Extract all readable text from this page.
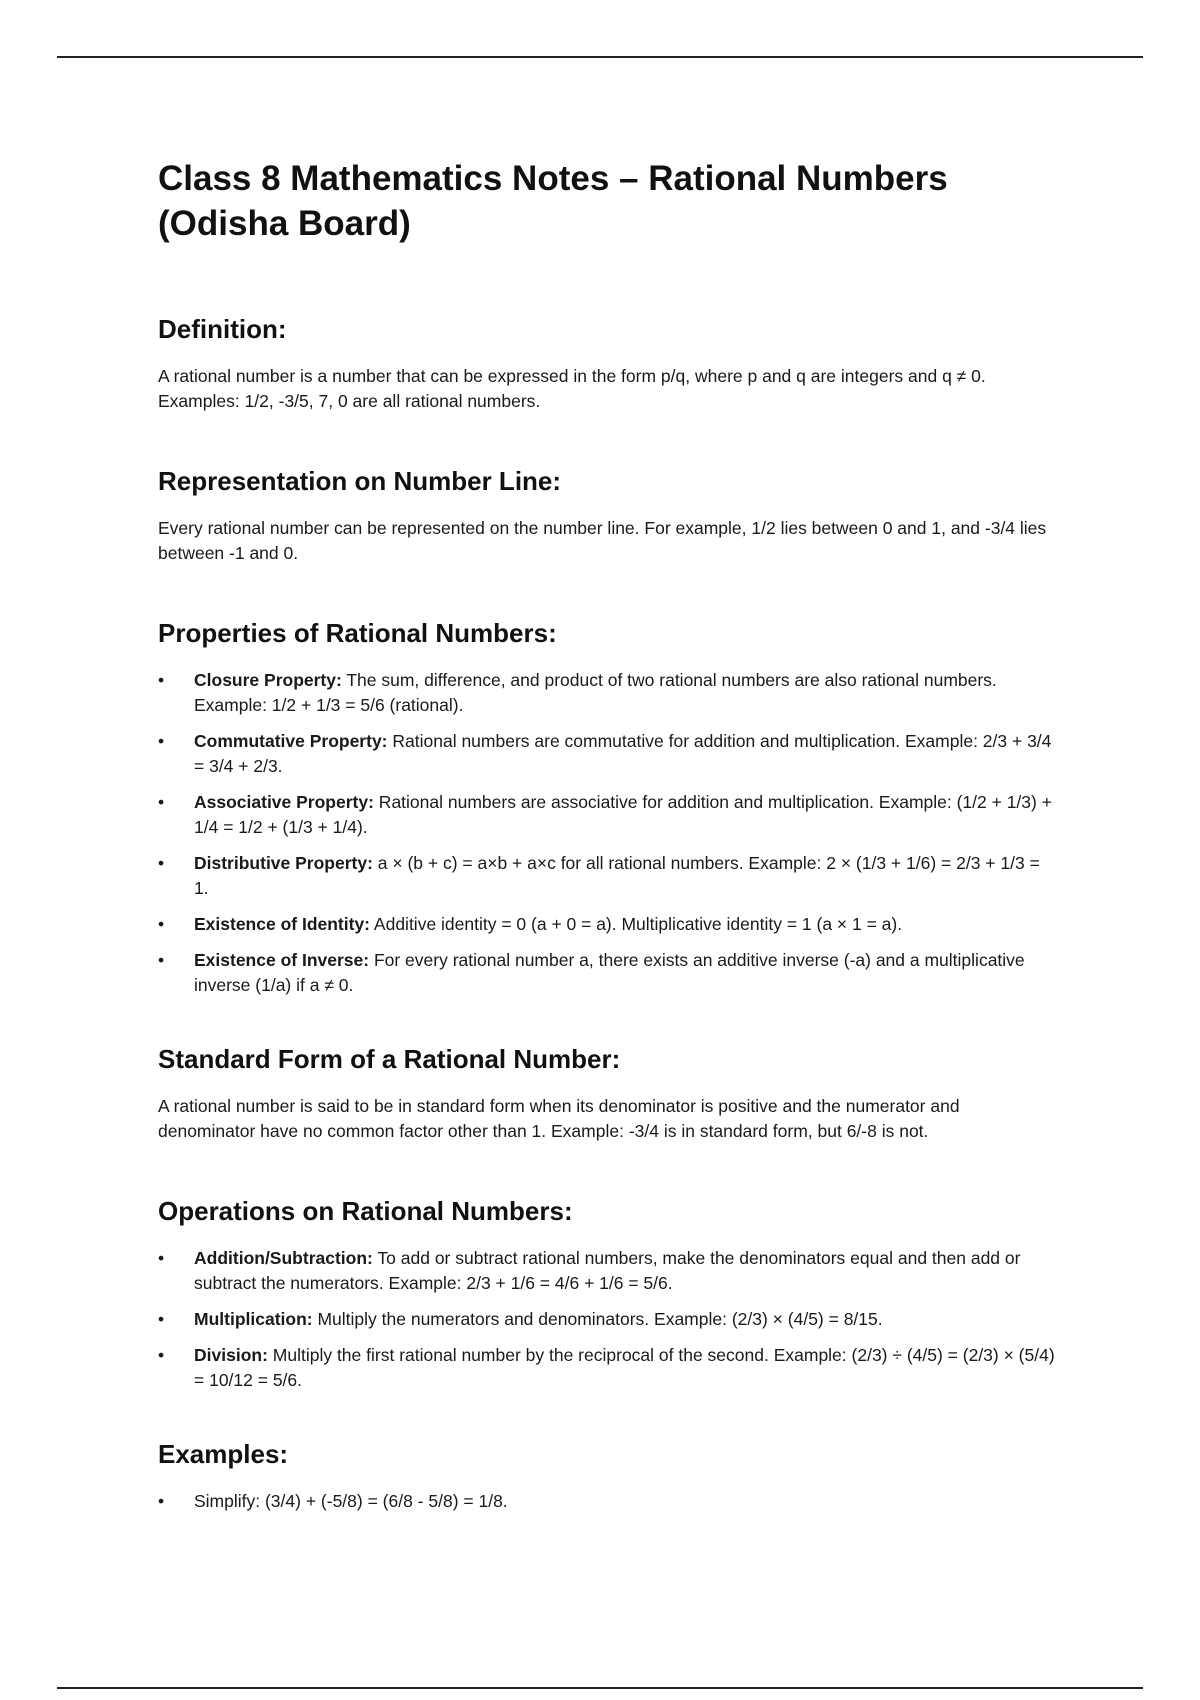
Class 8 Mathematics Notes – Rational Numbers (Odisha Board)
Definition:

A rational number is a number that can be expressed in the form p/q, where p and q are integers and q ≠ 0. Examples: 1/2, -3/5, 7, 0 are all rational numbers.

Representation on Number Line:

Every rational number can be represented on the number line. For example, 1/2 lies between 0 and 1, and -3/4 lies between -1 and 0.

Properties of Rational Numbers:
• Closure Property: The sum, difference, and product of two rational numbers are also rational numbers. Example: 1/2 + 1/3 = 5/6 (rational).
• Commutative Property: Rational numbers are commutative for addition and multiplication. Example: 2/3 + 3/4 = 3/4 + 2/3.
• Associative Property: Rational numbers are associative for addition and multiplication. Example: (1/2 + 1/3) + 1/4 = 1/2 + (1/3 + 1/4).
• Distributive Property: a × (b + c) = a×b + a×c for all rational numbers. Example: 2 × (1/3 + 1/6) = 2/3 + 1/3 = 1.
• Existence of Identity: Additive identity = 0 (a + 0 = a). Multiplicative identity = 1 (a × 1 = a).
• Existence of Inverse: For every rational number a, there exists an additive inverse (-a) and a multiplicative inverse (1/a) if a ≠ 0.
Standard Form of a Rational Number:

A rational number is said to be in standard form when its denominator is positive and the numerator and denominator have no common factor other than 1. Example: -3/4 is in standard form, but 6/-8 is not.

Operations on Rational Numbers:
• Addition/Subtraction: To add or subtract rational numbers, make the denominators equal and then add or subtract the numerators. Example: 2/3 + 1/6 = 4/6 + 1/6 = 5/6.
• Multiplication: Multiply the numerators and denominators. Example: (2/3) × (4/5) = 8/15.
• Division: Multiply the first rational number by the reciprocal of the second. Example: (2/3) ÷ (4/5) = (2/3) × (5/4) = 10/12 = 5/6.
Examples:
• Simplify: (3/4) + (-5/8) = (6/8 - 5/8) = 1/8.
